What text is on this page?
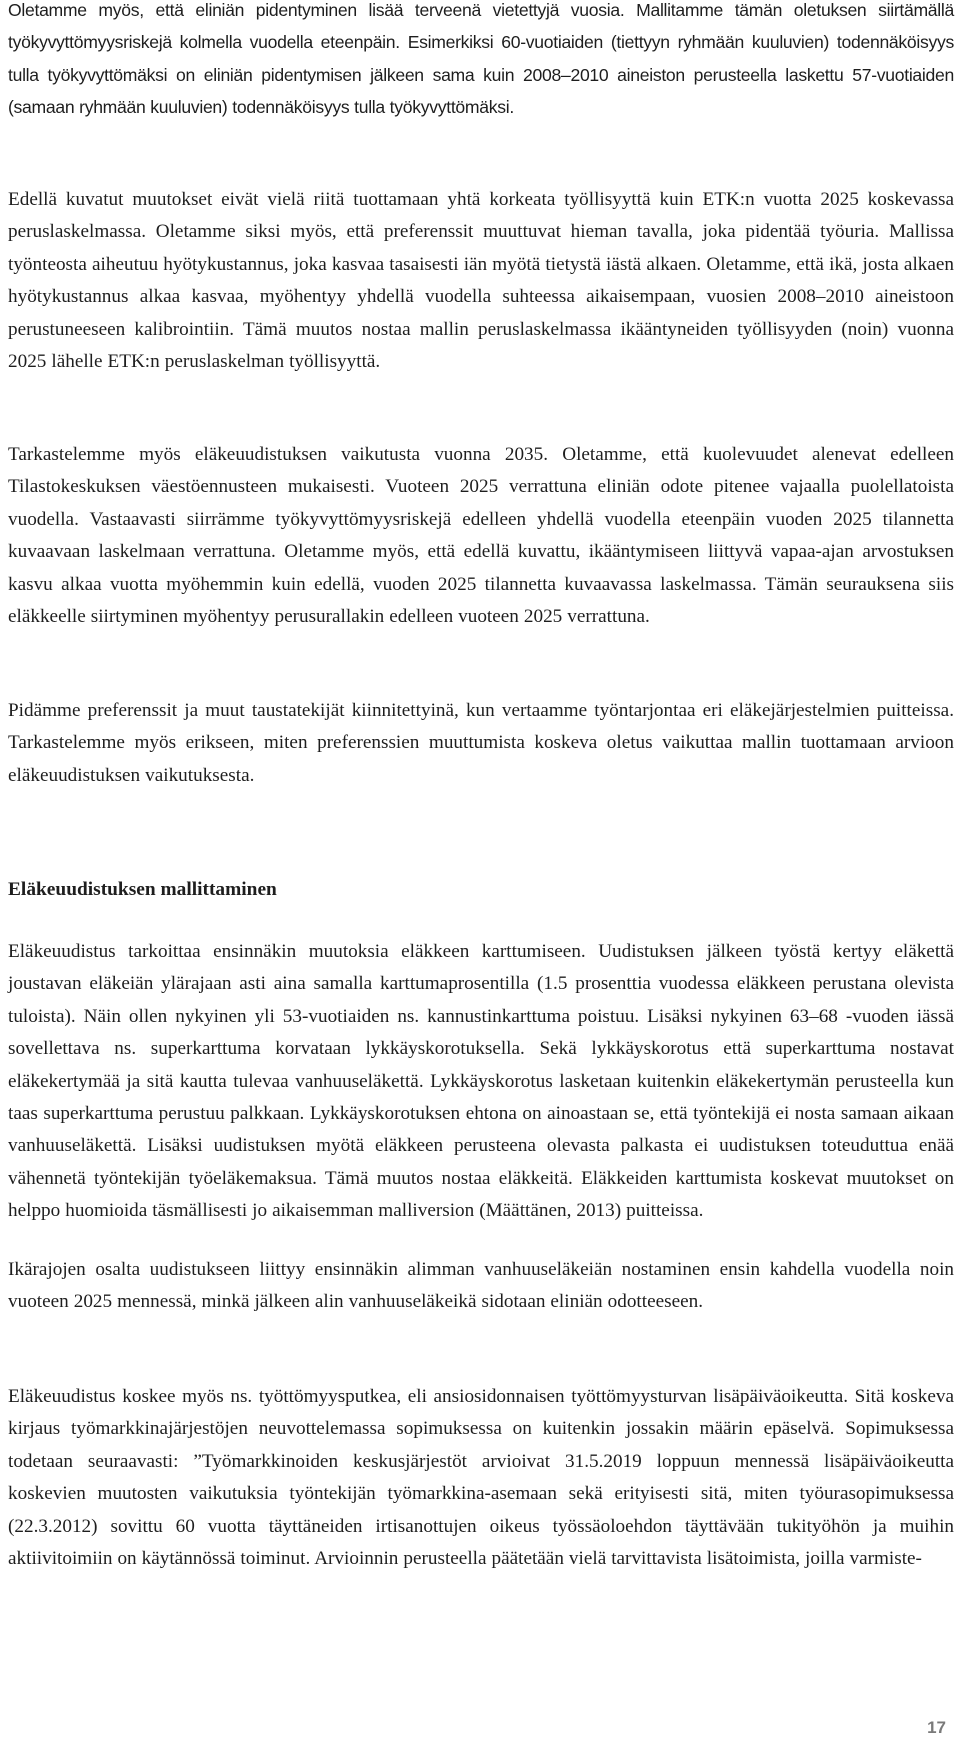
Oletamme myös, että eliniän pidentyminen lisää terveenä vietettyjä vuosia. Mallitamme tämän oletuksen siirtämällä työkyvyttömyysriskejä kolmella vuodella eteenpäin. Esimerkiksi 60-vuotiaiden (tiettyyn ryhmään kuuluvien) todennäköisyys tulla työkyvyttömäksi on eliniän pidentymisen jälkeen sama kuin 2008–2010 aineiston perusteella laskettu 57-vuotiaiden (samaan ryhmään kuuluvien) todennäköisyys tulla työkyvyttömäksi.

Edellä kuvatut muutokset eivät vielä riitä tuottamaan yhtä korkeata työllisyyttä kuin ETK:n vuotta 2025 koskevassa peruslaskelmassa. Oletamme siksi myös, että preferenssit muuttuvat hieman tavalla, joka pidentää työuria. Mallissa työnteosta aiheutuu hyötykustannus, joka kasvaa tasaisesti iän myötä tietystä iästä alkaen. Oletamme, että ikä, josta alkaen hyötykustannus alkaa kasvaa, myöhentyy yhdellä vuodella suhteessa aikaisempaan, vuosien 2008–2010 aineistoon perustuneeseen kalibrointiin. Tämä muutos nostaa mallin peruslaskelmassa ikääntyneiden työllisyyden (noin) vuonna 2025 lähelle ETK:n peruslaskelman työllisyyttä.

Tarkastelemme myös eläkeuudistuksen vaikutusta vuonna 2035. Oletamme, että kuolevuudet alenevat edelleen Tilastokeskuksen väestöennusteen mukaisesti. Vuoteen 2025 verrattuna eliniän odote pitenee vajaalla puolellatoista vuodella. Vastaavasti siirrämme työkyvyttömyysriskejä edelleen yhdellä vuodella eteenpäin vuoden 2025 tilannetta kuvaavaan laskelmaan verrattuna. Oletamme myös, että edellä kuvattu, ikääntymiseen liittyvä vapaa-ajan arvostuksen kasvu alkaa vuotta myöhemmin kuin edellä, vuoden 2025 tilannetta kuvaavassa laskelmassa. Tämän seurauksena siis eläkkeelle siirtyminen myöhentyy perusurallakin edelleen vuoteen 2025 verrattuna.

Pidämme preferenssit ja muut taustatekijät kiinnitettyinä, kun vertaamme työntarjontaa eri eläkejärjestelmien puitteissa. Tarkastelemme myös erikseen, miten preferenssien muuttumista koskeva oletus vaikuttaa mallin tuottamaan arvioon eläkeuudistuksen vaikutuksesta.

Eläkeuudistuksen mallittaminen

Eläkeuudistus tarkoittaa ensinnäkin muutoksia eläkkeen karttumiseen. Uudistuksen jälkeen työstä kertyy eläkettä joustavan eläkeiän ylärajaan asti aina samalla karttumaprosentilla (1.5 prosenttia vuodessa eläkkeen perustana olevista tuloista). Näin ollen nykyinen yli 53-vuotiaiden ns. kannustinkarttuma poistuu. Lisäksi nykyinen 63–68 -vuoden iässä sovellettava ns. superkarttuma korvataan lykkäyskorotuksella. Sekä lykkäyskorotus että superkarttuma nostavat eläkekertymää ja sitä kautta tulevaa vanhuuseläkettä. Lykkäyskorotus lasketaan kuitenkin eläkekertymän perusteella kun taas superkarttuma perustuu palkkaan. Lykkäyskorotuksen ehtona on ainoastaan se, että työntekijä ei nosta samaan aikaan vanhuuseläkettä. Lisäksi uudistuksen myötä eläkkeen perusteena olevasta palkasta ei uudistuksen toteuduttua enää vähennetä työntekijän työeläkemaksua. Tämä muutos nostaa eläkkeitä. Eläkkeiden karttumista koskevat muutokset on helppo huomioida täsmällisesti jo aikaisemman malliversion (Määttänen, 2013) puitteissa.

Ikärajojen osalta uudistukseen liittyy ensinnäkin alimman vanhuuseläkeiän nostaminen ensin kahdella vuodella noin vuoteen 2025 mennessä, minkä jälkeen alin vanhuuseläkeikä sidotaan eliniän odotteeseen.

Eläkeuudistus koskee myös ns. työttömyysputkea, eli ansiosidonnaisen työttömyysturvan lisäpäiväoikeutta. Sitä koskeva kirjaus työmarkkinajärjestöjen neuvottelemassa sopimuksessa on kuitenkin jossakin määrin epäselvä. Sopimuksessa todetaan seuraavasti: ”Työmarkkinoiden keskusjärjestöt arvioivat 31.5.2019 loppuun mennessä lisäpäiväoikeutta koskevien muutosten vaikutuksia työntekijän työmarkkina-asemaan sekä erityisesti sitä, miten työurasopimuksessa (22.3.2012) sovittu 60 vuotta täyttäneiden irtisanottujen oikeus työssäoloehdon täyttävään tukityöhön ja muihin aktiivitoimiin on käytännössä toiminut. Arvioinnin perusteella päätetään vielä tarvittavista lisätoimista, joilla varmiste-

17
